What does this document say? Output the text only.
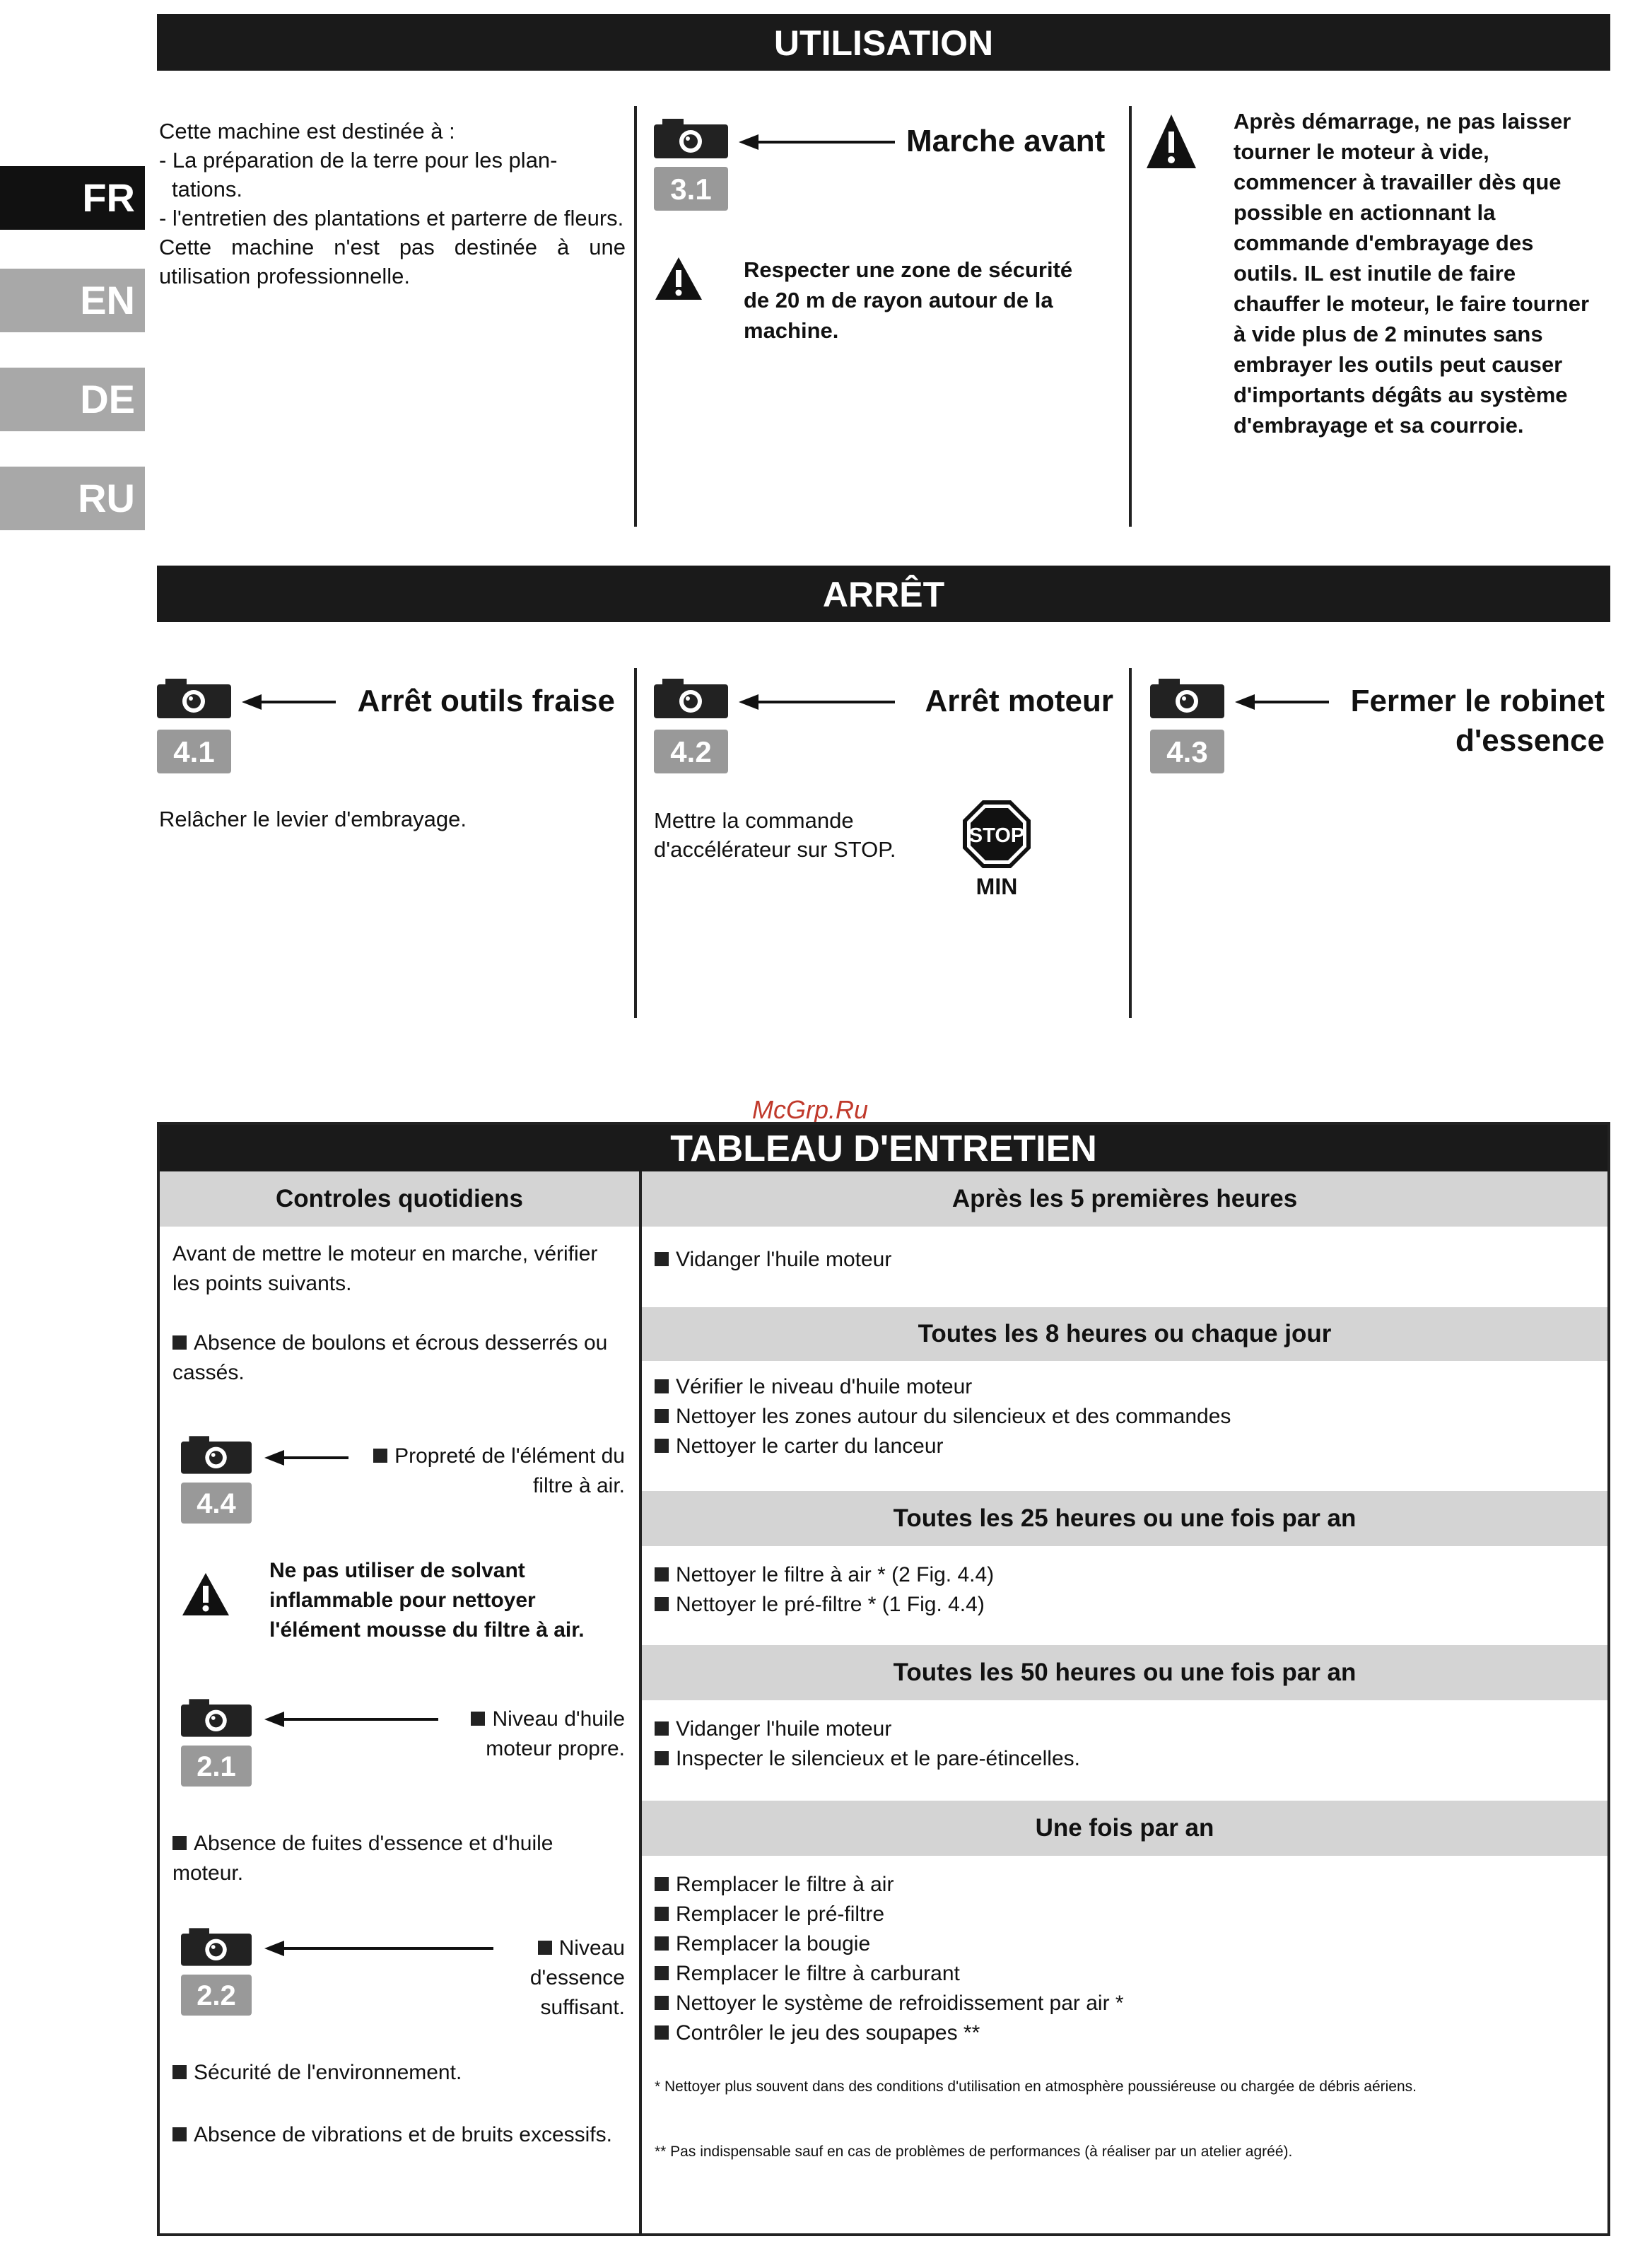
FR
EN
DE
RU
UTILISATION
Cette machine est destinée à :
- La préparation de la terre pour les plan- tations.
- l'entretien des plantations et parterre de fleurs.
Cette machine n'est pas destinée à une utilisation professionnelle.
3.1
Marche avant
Respecter une zone de sécurité de 20 m de rayon autour de la machine.
Après démarrage, ne pas laisser tourner le moteur à vide, commencer à travailler dès que possible en actionnant la commande d'embrayage des outils. IL est inutile de faire chauffer le moteur, le faire tourner à vide plus de 2 minutes sans embrayer les outils peut causer d'importants dégâts au système d'embrayage et sa courroie.
ARRÊT
4.1
Arrêt outils fraise
Relâcher le levier d'embrayage.
4.2
Arrêt moteur
Mettre la commande d'accélérateur sur STOP.
STOP
MIN
4.3
Fermer le robinet d'essence
McGrp.Ru
TABLEAU D'ENTRETIEN
Controles quotidiens
Avant de mettre le moteur en marche, vérifier les points suivants.
Absence de boulons et écrous desserrés ou cassés.
4.4
Propreté de l'élément du filtre à air.
Ne pas utiliser de solvant inflammable pour nettoyer l'élément mousse du filtre à air.
2.1
Niveau d'huile moteur propre.
Absence de fuites d'essence et d'huile moteur.
2.2
Niveau d'essence suffisant.
Sécurité de l'environnement.
Absence de vibrations et de bruits excessifs.
Après les 5 premières heures
Vidanger l'huile moteur
Toutes les 8 heures ou chaque jour
Vérifier le niveau d'huile moteur
Nettoyer les zones autour du silencieux et des commandes
Nettoyer le carter du lanceur
Toutes les 25 heures ou une fois par an
Nettoyer le filtre à air * (2 Fig. 4.4)
Nettoyer le pré-filtre * (1 Fig. 4.4)
Toutes les 50 heures ou une fois par an
Vidanger l'huile moteur
Inspecter le silencieux et le pare-étincelles.
Une fois par an
Remplacer le filtre à air
Remplacer le pré-filtre
Remplacer la bougie
Remplacer le filtre à carburant
Nettoyer le système de refroidissement par air *
Contrôler le jeu des soupapes **
* Nettoyer plus souvent dans des conditions d'utilisation en atmosphère poussiéreuse ou chargée de débris aériens.
** Pas indispensable sauf en cas de problèmes de performances (à réaliser par un atelier agréé).
